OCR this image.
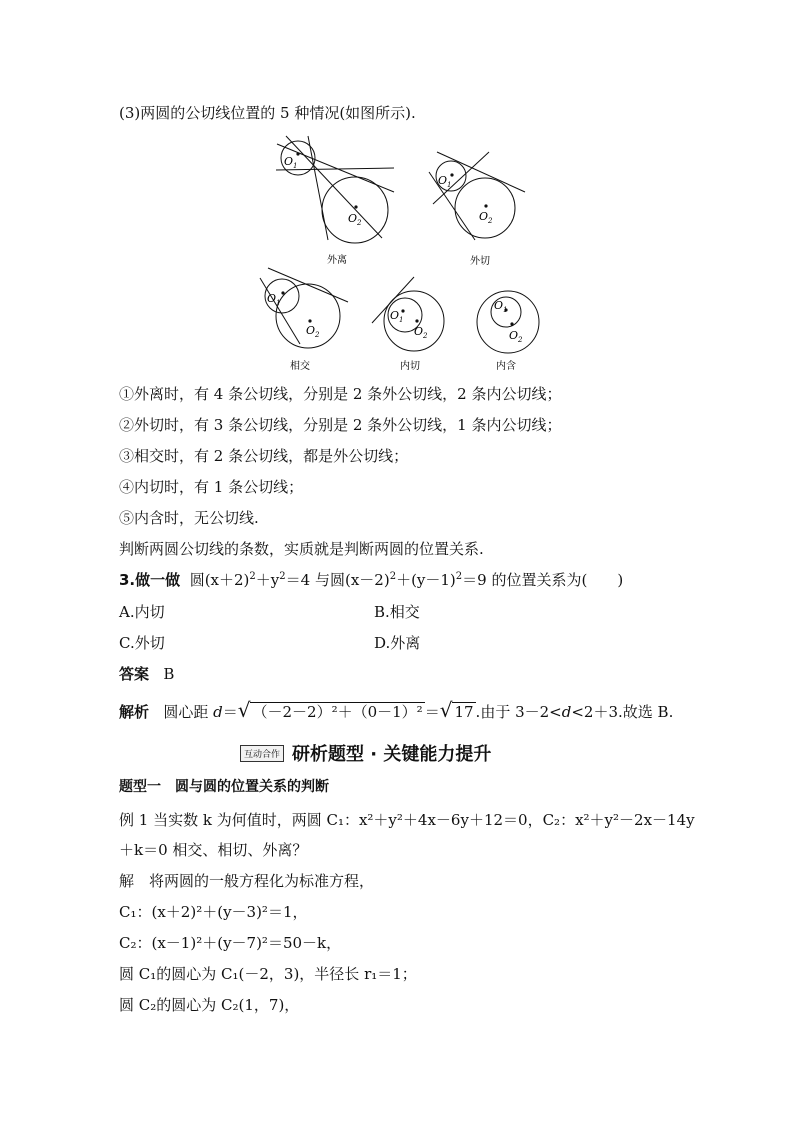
(3)两圆的公切线位置的 5 种情况(如图所示).
$O_1$
$O_2$
外离
$O_1$
$O_2$
外切
$O_1$
$O_2$
相交
$O_1$
$O_2$
内切
$O_1$
$O_2$
内含
①外离时，有 4 条公切线，分别是 2 条外公切线，2 条内公切线；
②外切时，有 3 条公切线，分别是 2 条外公切线，1 条内公切线；
③相交时，有 2 条公切线，都是外公切线；
④内切时，有 1 条公切线；
⑤内含时，无公切线.
判断两圆公切线的条数，实质就是判断两圆的位置关系.
3.做一做 圆$(x+2)^2+y^2=4$ 与圆$(x-2)^2+(y-1)^2=9$ 的位置关系为(　　)
A.内切	B.相交
C.外切	D.外离
答案 B
解析 圆心距 d＝√ （－2－2）²＋（0－1）² ＝√ 17 .由于 3－2<d<2＋3.故选 B.
互动合作 研析题型 · 关键能力提升
题型一　圆与圆的位置关系的判断
例 1 当实数 k 为何值时，两圆 C₁：x²＋y²＋4x－6y＋12＝0，C₂：x²＋y²－2x－14y
＋k＝0 相交、相切、外离？
解　将两圆的一般方程化为标准方程，
C₁：(x＋2)²＋(y－3)²＝1，
C₂：(x－1)²＋(y－7)²＝50－k，
圆 C₁的圆心为 C₁(－2，3)，半径长 r₁＝1；
圆 C₂的圆心为 C₂(1，7)，
